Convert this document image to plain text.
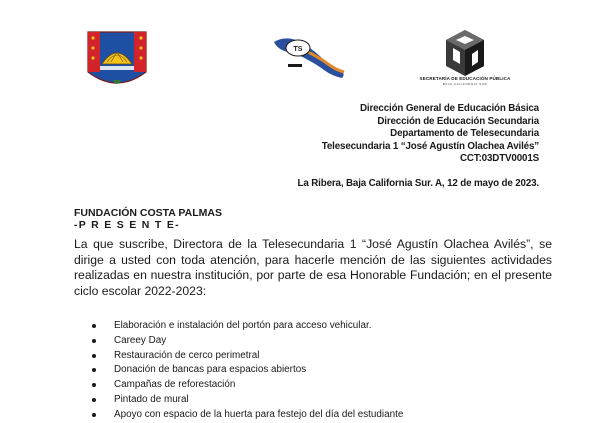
TS
SECRETARÍA DE EDUCACIÓN PÚBLICA
BAJA CALIFORNIA SUR
Dirección General de Educación Básica
Dirección de Educación Secundaria
Departamento de Telesecundaria
Telesecundaria 1 “José Agustín Olachea Avilés”
CCT:03DTV0001S
La Ribera, Baja California Sur. A, 12 de mayo de 2023.
FUNDACIÓN COSTA PALMAS
-P R E S E N T E-
La que suscribe, Directora de la Telesecundaria 1 “José Agustín Olachea Avilés”, se dirige a usted con toda atención, para hacerle mención de las siguientes actividades realizadas en nuestra institución, por parte de esa Honorable Fundación; en el presente ciclo escolar 2022-2023:
Elaboración e instalación del portón para acceso vehicular.
Careey Day
Restauración de cerco perimetral
Donación de bancas para espacios abiertos
Campañas de reforestación
Pintado de mural
Apoyo con espacio de la huerta para festejo del día del estudiante
